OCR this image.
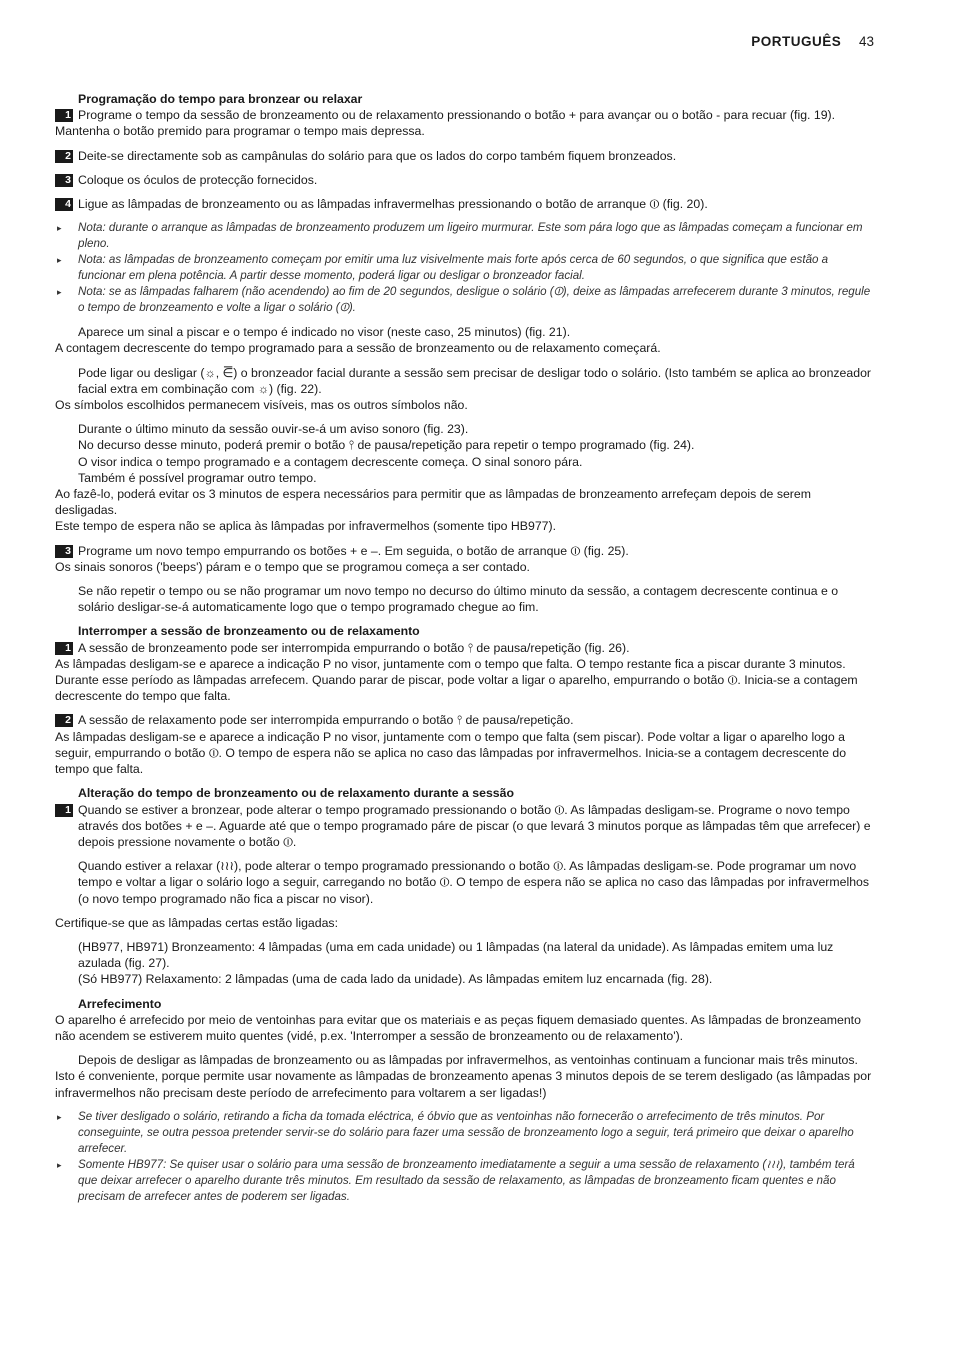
PORTUGUÊS 43
Programação do tempo para bronzear ou relaxar
1 Programe o tempo da sessão de bronzeamento ou de relaxamento pressionando o botão + para avançar ou o botão - para recuar (fig. 19).
Mantenha o botão premido para programar o tempo mais depressa.
2 Deite-se directamente sob as campânulas do solário para que os lados do corpo também fiquem bronzeados.
3 Coloque os óculos de protecção fornecidos.
4 Ligue as lâmpadas de bronzeamento ou as lâmpadas infravermelhas pressionando o botão de arranque ⏼ (fig. 20).
▸ Nota: durante o arranque as lâmpadas de bronzeamento produzem um ligeiro murmurar. Este som pára logo que as lâmpadas começam a funcionar em pleno.
▸ Nota: as lâmpadas de bronzeamento começam por emitir uma luz visivelmente mais forte após cerca de 60 segundos, o que significa que estão a funcionar em plena potência. A partir desse momento, poderá ligar ou desligar o bronzeador facial.
▸ Nota: se as lâmpadas falharem (não acendendo) ao fim de 20 segundos, desligue o solário (⏼), deixe as lâmpadas arrefecerem durante 3 minutos, regule o tempo de bronzeamento e volte a ligar o solário (⏼).
Aparece um sinal a piscar e o tempo é indicado no visor (neste caso, 25 minutos) (fig. 21).
A contagem decrescente do tempo programado para a sessão de bronzeamento ou de relaxamento começará.
Pode ligar ou desligar (☼, ⋶) o bronzeador facial durante a sessão sem precisar de desligar todo o solário. (Isto também se aplica ao bronzeador facial extra em combinação com ☼) (fig. 22).
Os símbolos escolhidos permanecem visíveis, mas os outros símbolos não.
Durante o último minuto da sessão ouvir-se-á um aviso sonoro (fig. 23).
No decurso desse minuto, poderá premir o botão ⫯ de pausa/repetição para repetir o tempo programado (fig. 24).
O visor indica o tempo programado e a contagem decrescente começa. O sinal sonoro pára.
Também é possível programar outro tempo.
Ao fazê-lo, poderá evitar os 3 minutos de espera necessários para permitir que as lâmpadas de bronzeamento arrefeçam depois de serem desligadas.
Este tempo de espera não se aplica às lâmpadas por infravermelhos (somente tipo HB977).
3 Programe um novo tempo empurrando os botões + e –. Em seguida, o botão de arranque ⏼ (fig. 25).
Os sinais sonoros ('beeps') páram e o tempo que se programou começa a ser contado.
Se não repetir o tempo ou se não programar um novo tempo no decurso do último minuto da sessão, a contagem decrescente continua e o solário desligar-se-á automaticamente logo que o tempo programado chegue ao fim.
Interromper a sessão de bronzeamento ou de relaxamento
1 A sessão de bronzeamento pode ser interrompida empurrando o botão ⫯ de pausa/repetição (fig. 26).
As lâmpadas desligam-se e aparece a indicação P no visor, juntamente com o tempo que falta. O tempo restante fica a piscar durante 3 minutos. Durante esse período as lâmpadas arrefecem. Quando parar de piscar, pode voltar a ligar o aparelho, empurrando o botão ⏼. Inicia-se a contagem decrescente do tempo que falta.
2 A sessão de relaxamento pode ser interrompida empurrando o botão ⫯ de pausa/repetição.
As lâmpadas desligam-se e aparece a indicação P no visor, juntamente com o tempo que falta (sem piscar). Pode voltar a ligar o aparelho logo a seguir, empurrando o botão ⏼. O tempo de espera não se aplica no caso das lâmpadas por infravermelhos. Inicia-se a contagem decrescente do tempo que falta.
Alteração do tempo de bronzeamento ou de relaxamento durante a sessão
1 Quando se estiver a bronzear, pode alterar o tempo programado pressionando o botão ⏼. As lâmpadas desligam-se. Programe o novo tempo através dos botões + e –. Aguarde até que o tempo programado páre de piscar (o que levará 3 minutos porque as lâmpadas têm que arrefecer) e depois pressione novamente o botão ⏼.
Quando estiver a relaxar (≀≀≀), pode alterar o tempo programado pressionando o botão ⏼. As lâmpadas desligam-se. Pode programar um novo tempo e voltar a ligar o solário logo a seguir, carregando no botão ⏼. O tempo de espera não se aplica no caso das lâmpadas por infravermelhos (o novo tempo programado não fica a piscar no visor).
Certifique-se que as lâmpadas certas estão ligadas:
(HB977, HB971) Bronzeamento: 4 lâmpadas (uma em cada unidade) ou 1 lâmpadas (na lateral da unidade). As lâmpadas emitem uma luz azulada (fig. 27).
(Só HB977) Relaxamento: 2 lâmpadas (uma de cada lado da unidade). As lâmpadas emitem luz encarnada (fig. 28).
Arrefecimento
O aparelho é arrefecido por meio de ventoinhas para evitar que os materiais e as peças fiquem demasiado quentes. As lâmpadas de bronzeamento não acendem se estiverem muito quentes (vidé, p.ex. 'Interromper a sessão de bronzeamento ou de relaxamento').
Depois de desligar as lâmpadas de bronzeamento ou as lâmpadas por infravermelhos, as ventoinhas continuam a funcionar mais três minutos.
Isto é conveniente, porque permite usar novamente as lâmpadas de bronzeamento apenas 3 minutos depois de se terem desligado (as lâmpadas por infravermelhos não precisam deste período de arrefecimento para voltarem a ser ligadas!)
▸ Se tiver desligado o solário, retirando a ficha da tomada eléctrica, é óbvio que as ventoinhas não fornecerão o arrefecimento de três minutos. Por conseguinte, se outra pessoa pretender servir-se do solário para fazer uma sessão de bronzeamento logo a seguir, terá primeiro que deixar o aparelho arrefecer.
▸ Somente HB977: Se quiser usar o solário para uma sessão de bronzeamento imediatamente a seguir a uma sessão de relaxamento (≀≀≀), também terá que deixar arrefecer o aparelho durante três minutos. Em resultado da sessão de relaxamento, as lâmpadas de bronzeamento ficam quentes e não precisam de arrefecer antes de poderem ser ligadas.
